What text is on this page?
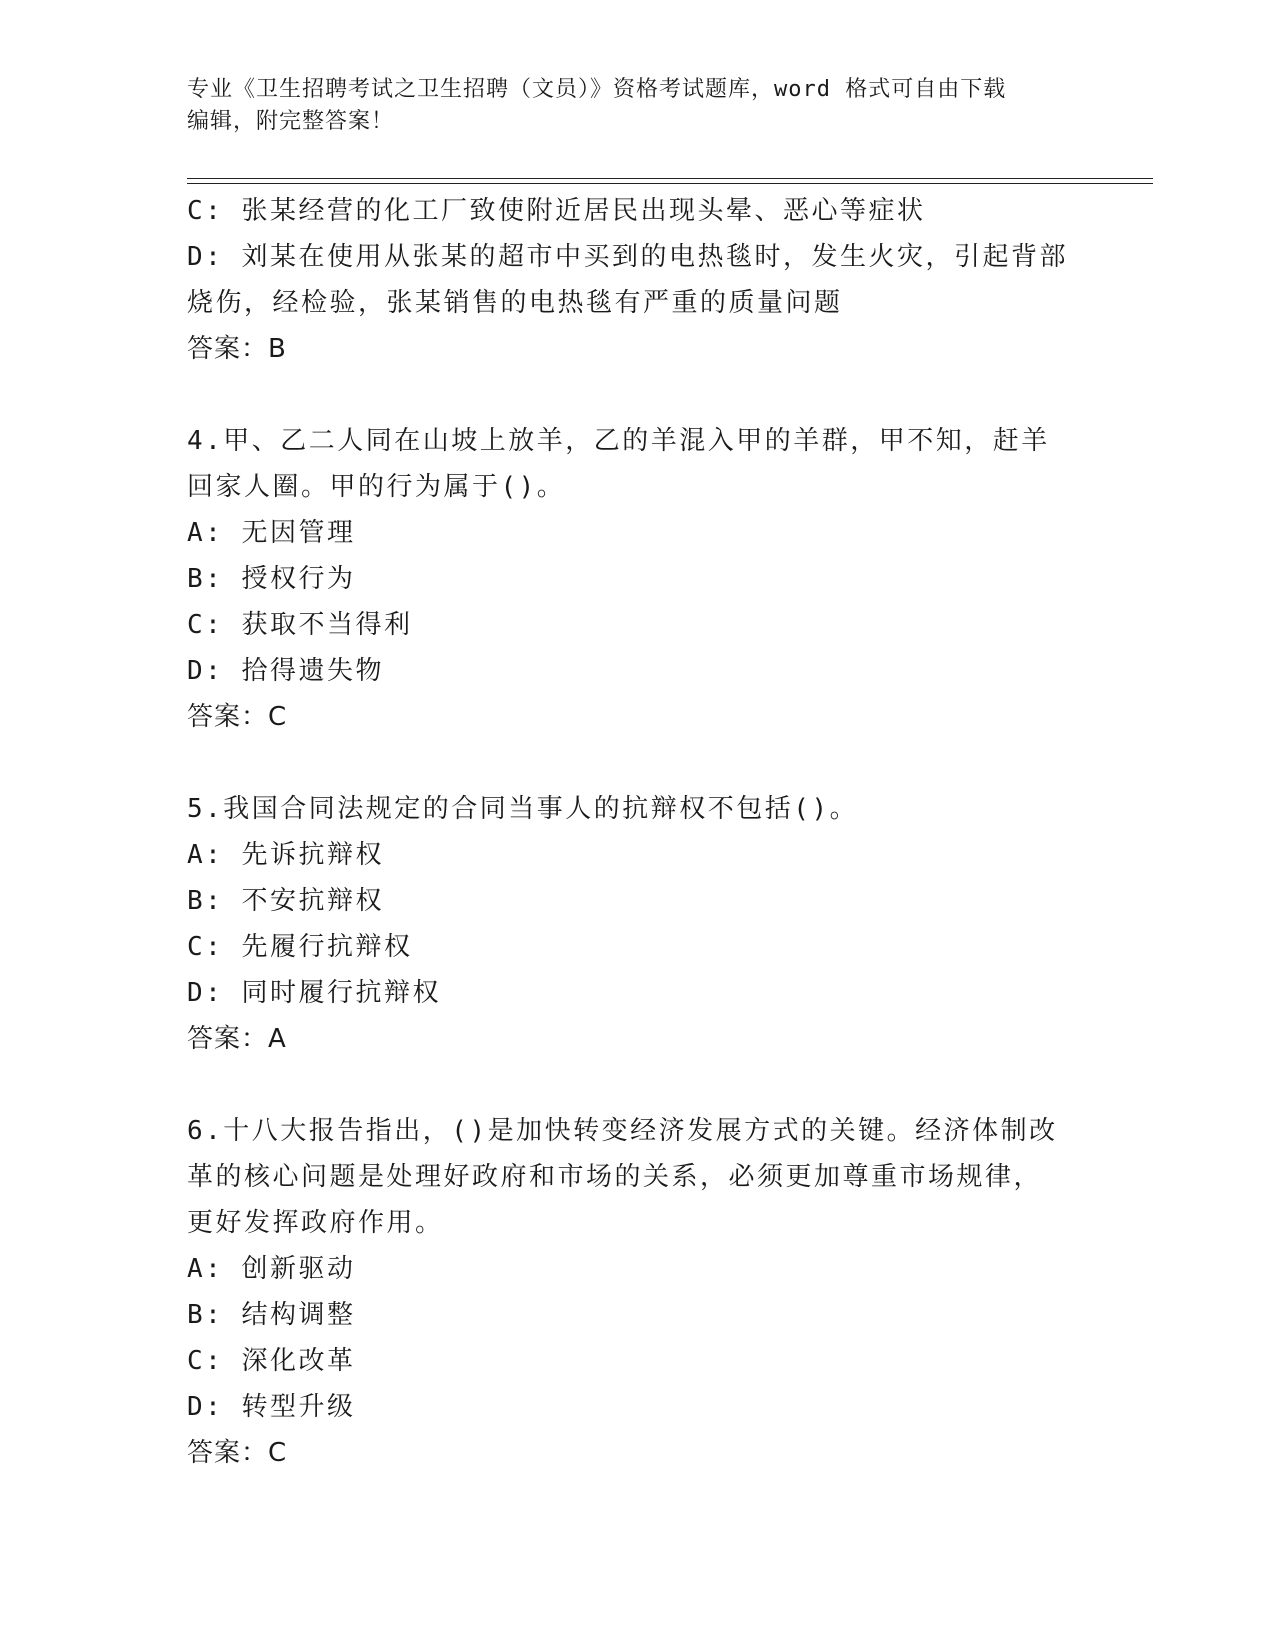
专业《卫生招聘考试之卫生招聘（文员）》资格考试题库，word 格式可自由下载
编辑，附完整答案！
C: 张某经营的化工厂致使附近居民出现头晕、恶心等症状
D: 刘某在使用从张某的超市中买到的电热毯时，发生火灾，引起背部
烧伤，经检验，张某销售的电热毯有严重的质量问题
答案：B
4.甲、乙二人同在山坡上放羊，乙的羊混入甲的羊群，甲不知，赶羊
回家人圈。甲的行为属于()。
A: 无因管理
B: 授权行为
C: 获取不当得利
D: 拾得遗失物
答案：C
5.我国合同法规定的合同当事人的抗辩权不包括()。
A: 先诉抗辩权
B: 不安抗辩权
C: 先履行抗辩权
D: 同时履行抗辩权
答案：A
6.十八大报告指出，()是加快转变经济发展方式的关键。经济体制改
革的核心问题是处理好政府和市场的关系，必须更加尊重市场规律，
更好发挥政府作用。
A: 创新驱动
B: 结构调整
C: 深化改革
D: 转型升级
答案：C
